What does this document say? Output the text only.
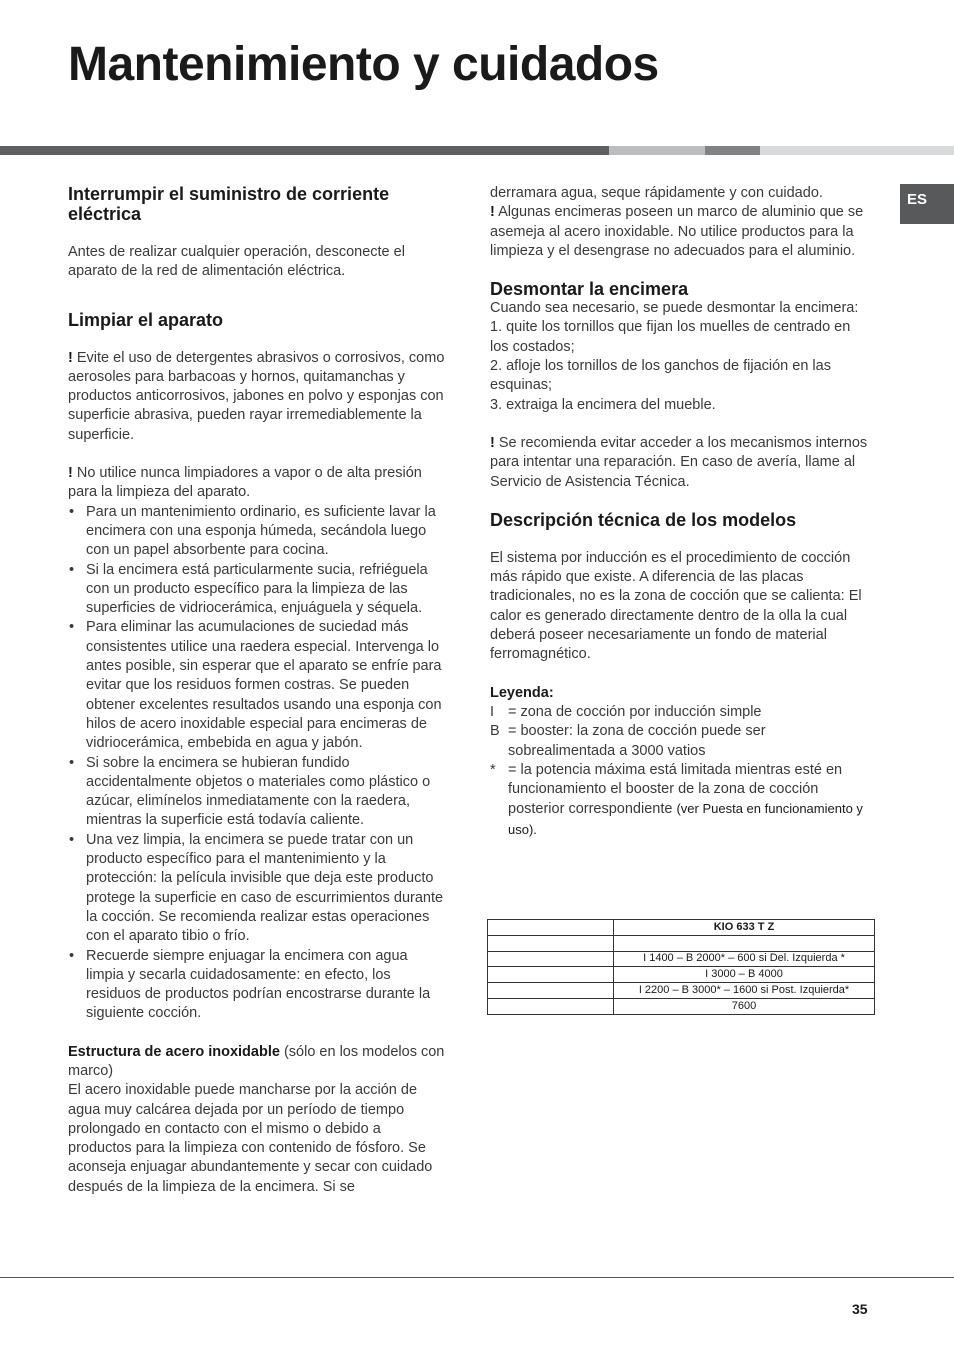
Mantenimiento y cuidados
ES
Interrumpir el suministro de corriente eléctrica

Antes de realizar cualquier operación, desconecte el aparato de la red de alimentación eléctrica.

Limpiar el aparato

! Evite el uso de detergentes abrasivos o corrosivos, como aerosoles para barbacoas y hornos, quitamanchas y productos anticorrosivos, jabones en polvo y esponjas con superficie abrasiva, pueden rayar irremediablemente la superficie.

! No utilice nunca limpiadores a vapor o de alta presión para la limpieza del aparato.

• Para un mantenimiento ordinario, es suficiente lavar la encimera con una esponja húmeda, secándola luego con un papel absorbente para cocina.
• Si la encimera está particularmente sucia, refriéguela con un producto específico para la limpieza de las superficies de vidriocerámica, enjuáguela y séquela.
• Para eliminar las acumulaciones de suciedad más consistentes utilice una raedera especial. Intervenga lo antes posible, sin esperar que el aparato se enfríe para evitar que los residuos formen costras. Se pueden obtener excelentes resultados usando una esponja con hilos de acero inoxidable especial para encimeras de vidriocerámica, embebida en agua y jabón.
• Si sobre la encimera se hubieran fundido accidentalmente objetos o materiales como plástico o azúcar, elimínelos inmediatamente con la raedera, mientras la superficie está todavía caliente.
• Una vez limpia, la encimera se puede tratar con un producto específico para el mantenimiento y la protección: la película invisible que deja este producto protege la superficie en caso de escurrimientos durante la cocción. Se recomienda realizar estas operaciones con el aparato tibio o frío.
• Recuerde siempre enjuagar la encimera con agua limpia y secarla cuidadosamente: en efecto, los residuos de productos podrían encostrarse durante la siguiente cocción.

Estructura de acero inoxidable (sólo en los modelos con marco)

El acero inoxidable puede mancharse por la acción de agua muy calcárea dejada por un período de tiempo prolongado en contacto con el mismo o debido a productos para la limpieza con contenido de fósforo. Se aconseja enjuagar abundantemente y secar con cuidado después de la limpieza de la encimera. Si se

derramara agua, seque rápidamente y con cuidado.

! Algunas encimeras poseen un marco de aluminio que se asemeja al acero inoxidable. No utilice productos para la limpieza y el desengrase no adecuados para el aluminio.

Desmontar la encimera

Cuando sea necesario, se puede desmontar la encimera:

1. quite los tornillos que fijan los muelles de centrado en los costados;

2. afloje los tornillos de los ganchos de fijación en las esquinas;

3. extraiga la encimera del mueble.

! Se recomienda evitar acceder a los mecanismos internos para intentar una reparación. En caso de avería, llame al Servicio de Asistencia Técnica.

Descripción técnica de los modelos

El sistema por inducción es el procedimiento de cocción más rápido que existe. A diferencia de las placas tradicionales, no es la zona de cocción que se calienta: El calor es generado directamente dentro de la olla la cual deberá poseer necesariamente un fondo de material ferromagnético.

Leyenda:

I = zona de cocción por inducción simple
B = booster: la zona de cocción puede ser sobrealimentada a 3000 vatios
* = la potencia máxima está limitada mientras esté en funcionamiento el booster de la zona de cocción posterior correspondiente (ver Puesta en funcionamiento y uso).
	KIO 633 T Z

	I 1400 – B 2000* – 600 si Del. Izquierda *
	I 3000 – B 4000
	I 2200 – B 3000* – 1600 si Post. Izquierda*
	7600
35
